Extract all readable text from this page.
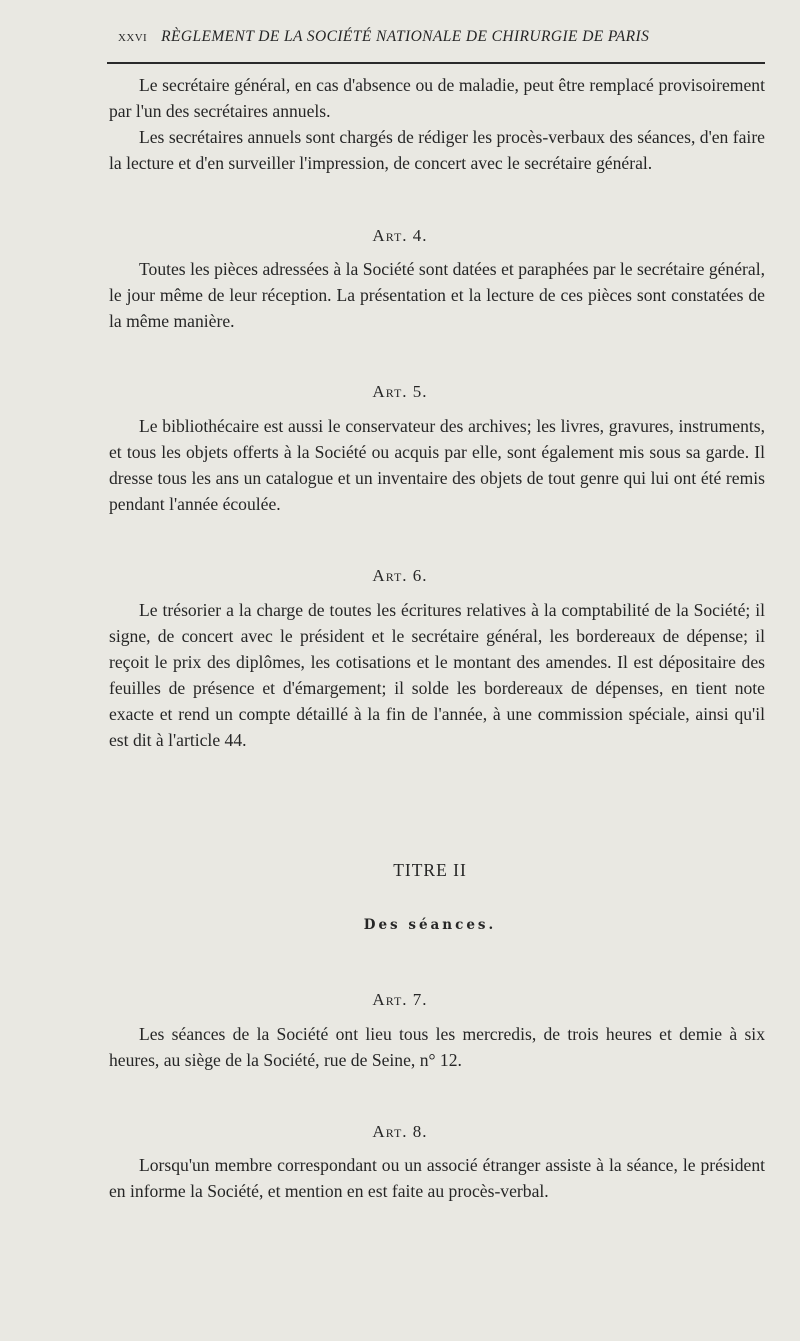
xxvi RÈGLEMENT DE LA SOCIÉTÉ NATIONALE DE CHIRURGIE DE PARIS

Le secrétaire général, en cas d'absence ou de maladie, peut être remplacé provisoirement par l'un des secrétaires annuels.

Les secrétaires annuels sont chargés de rédiger les procès-verbaux des séances, d'en faire la lecture et d'en surveiller l'impression, de concert avec le secrétaire général.

Art. 4.

Toutes les pièces adressées à la Société sont datées et paraphées par le secrétaire général, le jour même de leur réception. La présentation et la lecture de ces pièces sont constatées de la même manière.

Art. 5.

Le bibliothécaire est aussi le conservateur des archives; les livres, gravures, instruments, et tous les objets offerts à la Société ou acquis par elle, sont également mis sous sa garde. Il dresse tous les ans un catalogue et un inventaire des objets de tout genre qui lui ont été remis pendant l'année écoulée.

Art. 6.

Le trésorier a la charge de toutes les écritures relatives à la comptabilité de la Société; il signe, de concert avec le président et le secrétaire général, les bordereaux de dépense; il reçoit le prix des diplômes, les cotisations et le montant des amendes. Il est dépositaire des feuilles de présence et d'émargement; il solde les bordereaux de dépenses, en tient note exacte et rend un compte détaillé à la fin de l'année, à une commission spéciale, ainsi qu'il est dit à l'article 44.

TITRE II
Des séances.
Art. 7.

Les séances de la Société ont lieu tous les mercredis, de trois heures et demie à six heures, au siège de la Société, rue de Seine, n° 12.

Art. 8.

Lorsqu'un membre correspondant ou un associé étranger assiste à la séance, le président en informe la Société, et mention en est faite au procès-verbal.
